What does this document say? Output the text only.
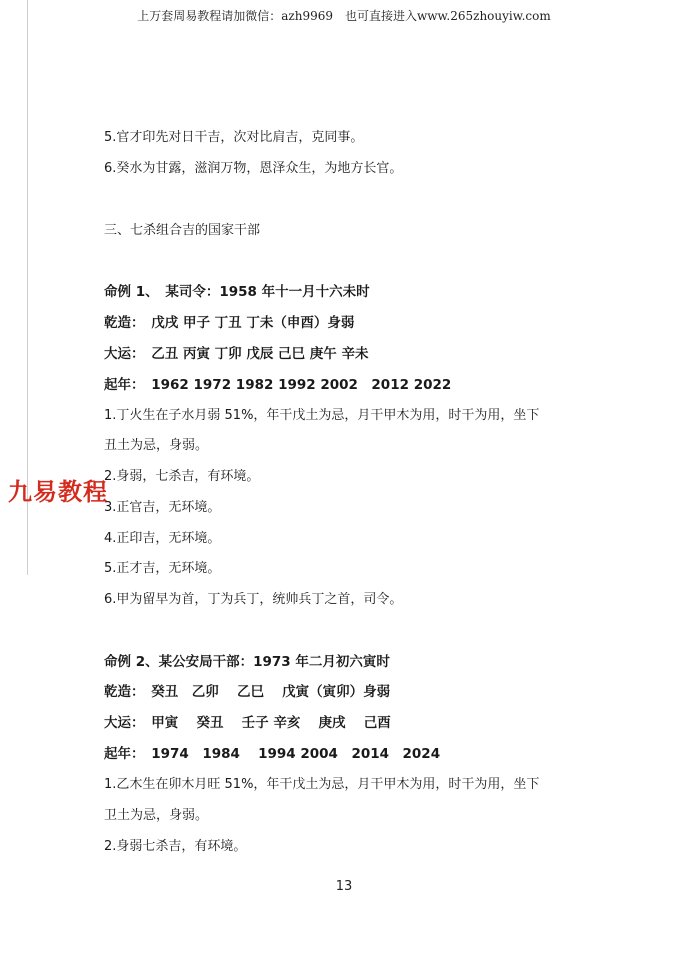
上万套周易教程请加微信：azh9969　也可直接进入www.265zhouyiw.com
5.官才印先对日干吉，次对比肩吉，克同事。
6.癸水为甘露，滋润万物，恩泽众生，为地方长官。
三、七杀组合吉的国家干部
命例 1、　某司令：1958 年十一月十六未时
乾造：　戊戌 甲子 丁丑 丁未（申酉）身弱
大运：　乙丑 丙寅 丁卯 戊辰 己巳 庚午 辛未
起年：　1962 1972 1982 1992 2002　2012 2022
1.丁火生在子水月弱 51%，年干戊土为忌，月干甲木为用，时干为用，坐下
丑土为忌，身弱。
2.身弱，七杀吉，有环境。
3.正官吉，无环境。
4.正印吉，无环境。
5.正才吉，无环境。
6.甲为留早为首，丁为兵丁，统帅兵丁之首，司令。
命例 2、某公安局干部：1973 年二月初六寅时
乾造：　癸丑　乙卯　 乙巳　 戊寅（寅卯）身弱
大运：　甲寅　 癸丑　 壬子 辛亥　 庚戌　 己酉
起年：　1974　1984　 1994 2004　2014　2024
1.乙木生在卯木月旺 51%，年干戊土为忌，月干甲木为用，时干为用，坐下
卫土为忌，身弱。
2.身弱七杀吉，有环境。
九易教程
13
